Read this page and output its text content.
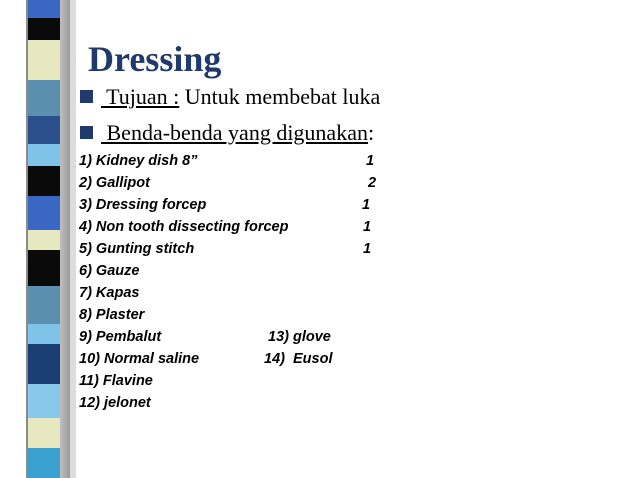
Dressing
Tujuan : Untuk membebat luka
Benda-benda yang digunakan:
1) Kidney dish 8”	1
2) Gallipot	2
3) Dressing forcep	1
4) Non tooth dissecting forcep	1
5) Gunting stitch	1
6) Gauze
7) Kapas
8) Plaster
9) Pembalut	13) glove
10) Normal saline	14)  Eusol
11) Flavine
12) jelonet
